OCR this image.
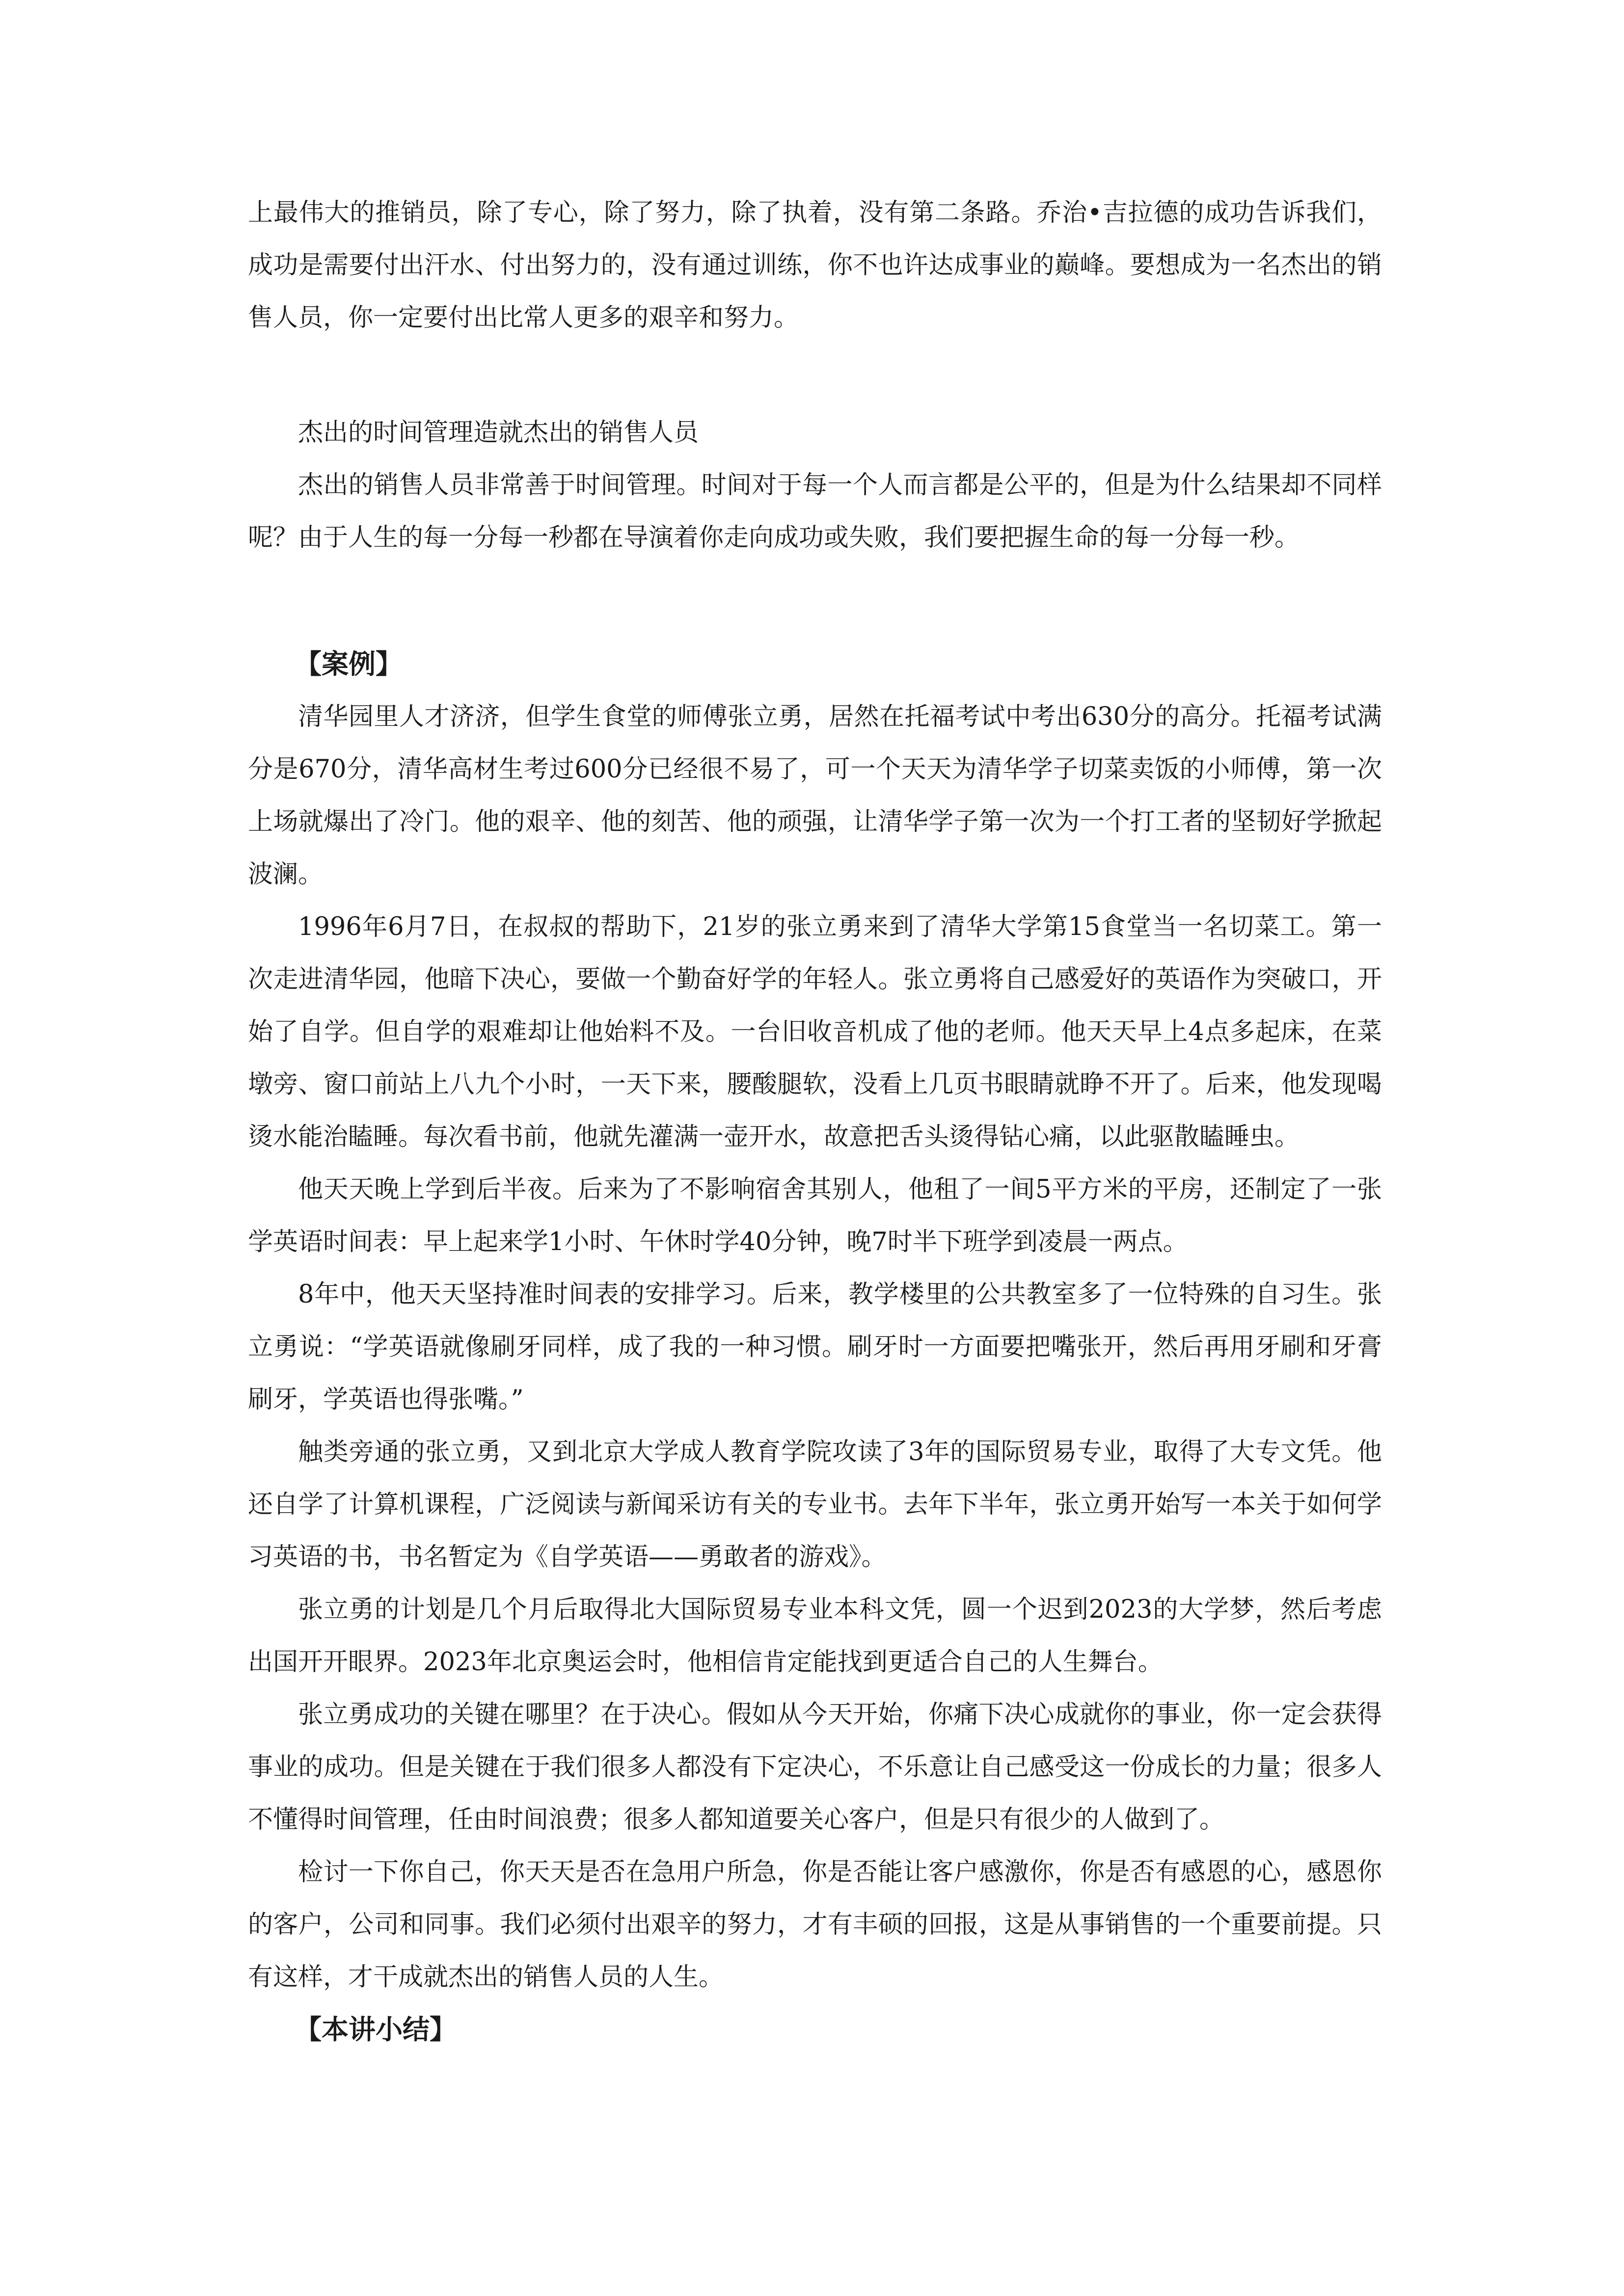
上最伟大的推销员，除了专心，除了努力，除了执着，没有第二条路。乔治•吉拉德的成功告诉我们，成功是需要付出汗水、付出努力的，没有通过训练，你不也许达成事业的巅峰。要想成为一名杰出的销售人员，你一定要付出比常人更多的艰辛和努力。

杰出的时间管理造就杰出的销售人员

杰出的销售人员非常善于时间管理。时间对于每一个人而言都是公平的，但是为什么结果却不同样呢？由于人生的每一分每一秒都在导演着你走向成功或失败，我们要把握生命的每一分每一秒。

【案例】

清华园里人才济济，但学生食堂的师傅张立勇，居然在托福考试中考出630分的高分。托福考试满分是670分，清华高材生考过600分已经很不易了，可一个天天为清华学子切菜卖饭的小师傅，第一次上场就爆出了冷门。他的艰辛、他的刻苦、他的顽强，让清华学子第一次为一个打工者的坚韧好学掀起波澜。

1996年6月7日，在叔叔的帮助下，21岁的张立勇来到了清华大学第15食堂当一名切菜工。第一次走进清华园，他暗下决心，要做一个勤奋好学的年轻人。张立勇将自己感爱好的英语作为突破口，开始了自学。但自学的艰难却让他始料不及。一台旧收音机成了他的老师。他天天早上4点多起床，在菜墩旁、窗口前站上八九个小时，一天下来，腰酸腿软，没看上几页书眼睛就睁不开了。后来，他发现喝烫水能治瞌睡。每次看书前，他就先灌满一壶开水，故意把舌头烫得钻心痛，以此驱散瞌睡虫。

他天天晚上学到后半夜。后来为了不影响宿舍其别人，他租了一间5平方米的平房，还制定了一张学英语时间表：早上起来学1小时、午休时学40分钟，晚7时半下班学到凌晨一两点。

8年中，他天天坚持准时间表的安排学习。后来，教学楼里的公共教室多了一位特殊的自习生。张立勇说：“学英语就像刷牙同样，成了我的一种习惯。刷牙时一方面要把嘴张开，然后再用牙刷和牙膏刷牙，学英语也得张嘴。”

触类旁通的张立勇，又到北京大学成人教育学院攻读了3年的国际贸易专业，取得了大专文凭。他还自学了计算机课程，广泛阅读与新闻采访有关的专业书。去年下半年，张立勇开始写一本关于如何学习英语的书，书名暂定为《自学英语——勇敢者的游戏》。

张立勇的计划是几个月后取得北大国际贸易专业本科文凭，圆一个迟到2023的大学梦，然后考虑出国开开眼界。2023年北京奥运会时，他相信肯定能找到更适合自己的人生舞台。

张立勇成功的关键在哪里？在于决心。假如从今天开始，你痛下决心成就你的事业，你一定会获得事业的成功。但是关键在于我们很多人都没有下定决心，不乐意让自己感受这一份成长的力量；很多人不懂得时间管理，任由时间浪费；很多人都知道要关心客户，但是只有很少的人做到了。

检讨一下你自己，你天天是否在急用户所急，你是否能让客户感激你，你是否有感恩的心，感恩你的客户，公司和同事。我们必须付出艰辛的努力，才有丰硕的回报，这是从事销售的一个重要前提。只有这样，才干成就杰出的销售人员的人生。

【本讲小结】
